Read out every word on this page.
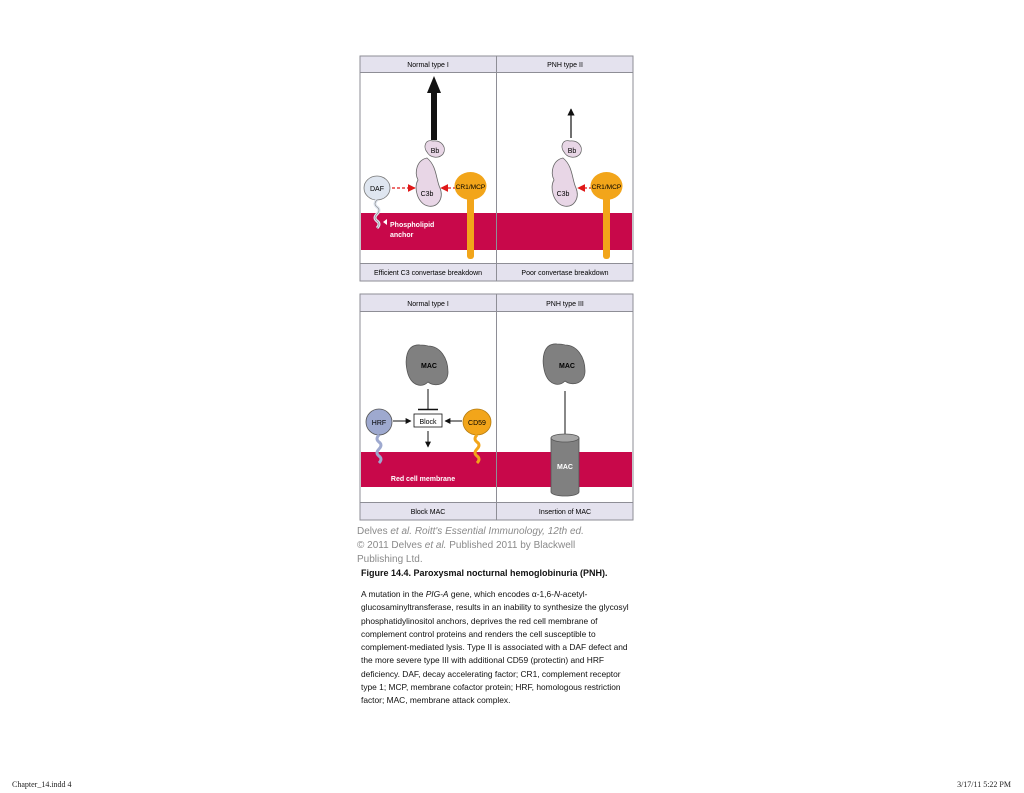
Normal type I	PNH type II
Efficient C3 convertase breakdown	Poor convertase breakdown
Bb
C3b
DAF
Phospholipid
anchor
CR1/MCP
Bb
C3b
CR1/MCP
Normal type I	PNH type III
Block MAC	Insertion of MAC
MAC
Block
HRF	CD59
Red cell membrane
MAC
MAC
Delves et al. Roitt's Essential Immunology, 12th ed.
© 2011 Delves et al. Published 2011 by Blackwell
Publishing Ltd.
Figure 14.4. Paroxysmal nocturnal hemoglobinuria (PNH).
A mutation in the PIG-A gene, which encodes α-1,6-N-acetyl-glucosaminyltransferase, results in an inability to synthesize the glycosyl phosphatidylinositol anchors, deprives the red cell membrane of complement control proteins and renders the cell susceptible to complement-mediated lysis. Type II is associated with a DAF defect and the more severe type III with additional CD59 (protectin) and HRF deficiency. DAF, decay accelerating factor; CR1, complement receptor type 1; MCP, membrane cofactor protein; HRF, homologous restriction factor; MAC, membrane attack complex.
Chapter_14.indd 4	3/17/11 5:22 PM
